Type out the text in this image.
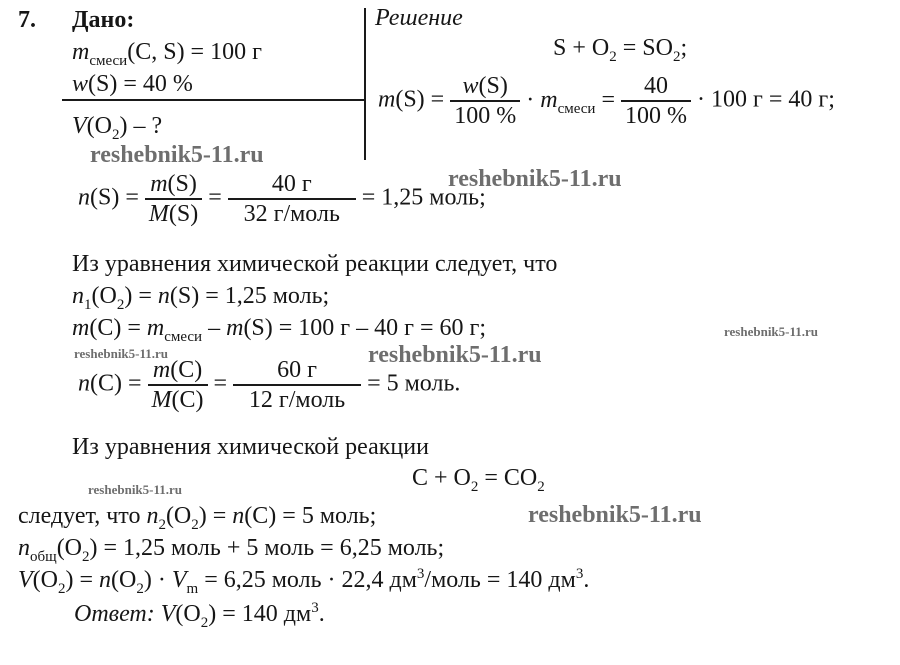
7. Дано:	Решение
$m_{смеси}(C$, S) = 100 г
w(S) = 40 %
$V(O_2)$ – ?
$S + O_2 = SO_2$;
$m(S) = \frac{w(S)}{100 \%} \cdot m_{смеси} = \frac{40}{100 \%} \cdot 100$ г = 40 г;
$n(S) = \frac{m(S)}{M(S)} = \frac{40 г}{\text{32 г/моль}} = 1,25$ моль;
Из уравнения химической реакции следует, что
$n_1(O_2) = n(S) = 1,25$ моль;
$m(C) = m_{смеси} - m(S) = 100$ г – 40 г = 60 г;
$n(C) = \frac{m(C)}{M(C)} = \frac{60 г}{\text{12 г/моль}} = 5$ моль.
Из уравнения химической реакции
$C + O_2 = CO_2$
следует, что $n_2(O_2) = n(C) = 5$ моль;
$n_{общ}(O_2) = 1,25$ моль + 5 моль = 6,25 моль;
$V(O_2) = n(O_2) \cdot V_m = 6,25$ моль · 22,4 $дм^3$/моль = 140 $дм^3$.
Ответ: $V(O_2) = 140$ $дм^3$.
reshebnik5-11.ru
reshebnik5-11.ru
reshebnik5-11.ru
reshebnik5-11.ru	reshebnik5-11.ru
reshebnik5-11.ru
reshebnik5-11.ru
